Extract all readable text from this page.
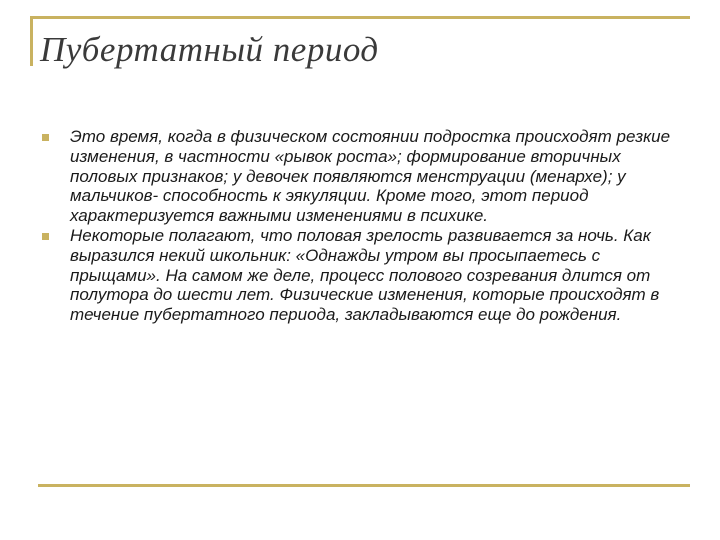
Пубертатный период
Это время, когда в физическом состоянии подростка происходят резкие изменения, в частности «рывок роста»; формирование вторичных половых признаков; у девочек появляются менструации (менархе); у мальчиков- способность к эякуляции. Кроме того, этот период характеризуется важными изменениями в психике.
Некоторые полагают, что половая зрелость развивается за ночь. Как выразился некий школьник: «Однажды утром вы просыпаетесь с прыщами». На самом же деле, процесс полового созревания длится от полутора до шести лет. Физические изменения, которые происходят в течение пубертатного периода, закладываются еще до рождения.
